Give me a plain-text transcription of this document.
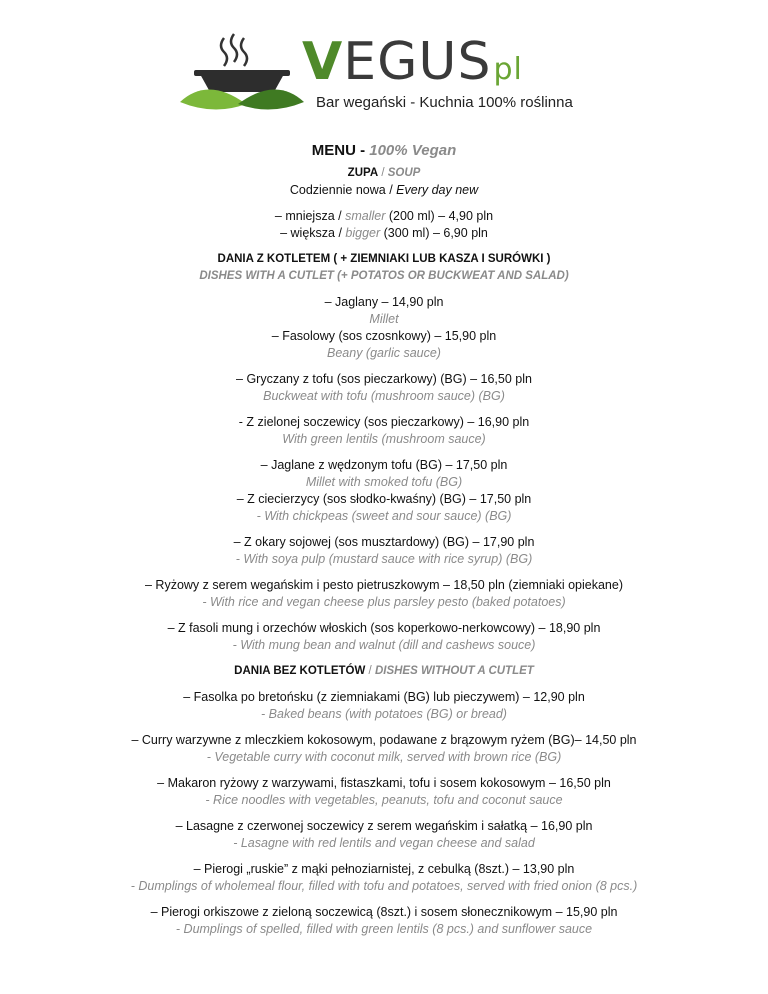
VEGUSpl
Bar wegański - Kuchnia 100% roślinna

MENU - 100% Vegan

ZUPA / SOUP

Codziennie nowa / Every day new

– mniejsza / smaller (200 ml) – 4,90 pln

– większa / bigger (300 ml) – 6,90 pln

DANIA Z KOTLETEM ( + ZIEMNIAKI LUB KASZA I SURÓWKI )

DISHES WITH A CUTLET (+ POTATOS OR BUCKWEAT AND SALAD)

– Jaglany – 14,90 pln

Millet

– Fasolowy (sos czosnkowy) – 15,90 pln

Beany (garlic sauce)

– Gryczany z tofu (sos pieczarkowy) (BG) – 16,50 pln

Buckweat with tofu (mushroom sauce) (BG)

- Z zielonej soczewicy (sos pieczarkowy) – 16,90 pln

With green lentils (mushroom sauce)

– Jaglane z wędzonym tofu (BG) – 17,50 pln

Millet with smoked tofu (BG)

– Z ciecierzycy (sos słodko-kwaśny) (BG) – 17,50 pln

- With chickpeas (sweet and sour sauce) (BG)

– Z okary sojowej (sos musztardowy) (BG) – 17,90 pln

- With soya pulp (mustard sauce with rice syrup) (BG)

– Ryżowy z serem wegańskim i pesto pietruszkowym – 18,50 pln (ziemniaki opiekane)

- With rice and vegan cheese plus parsley pesto (baked potatoes)

– Z fasoli mung i orzechów włoskich (sos koperkowo-nerkowcowy) – 18,90 pln

- With mung bean and walnut (dill and cashews souce)

DANIA BEZ KOTLETÓW / DISHES WITHOUT A CUTLET

– Fasolka po bretońsku (z ziemniakami (BG) lub pieczywem) – 12,90 pln

- Baked beans (with potatoes (BG) or bread)

– Curry warzywne z mleczkiem kokosowym, podawane z brązowym ryżem (BG)– 14,50 pln

- Vegetable curry with coconut milk, served with brown rice (BG)

– Makaron ryżowy z warzywami, fistaszkami, tofu i sosem kokosowym – 16,50 pln

- Rice noodles with vegetables, peanuts, tofu and coconut sauce

– Lasagne z czerwonej soczewicy z serem wegańskim i sałatką – 16,90 pln

- Lasagne with red lentils and vegan cheese and salad

– Pierogi „ruskie” z mąki pełnoziarnistej, z cebulką (8szt.) – 13,90 pln

- Dumplings of wholemeal flour, filled with tofu and potatoes, served with fried onion (8 pcs.)

– Pierogi orkiszowe z zieloną soczewicą (8szt.) i sosem słonecznikowym – 15,90 pln

- Dumplings of spelled, filled with green lentils (8 pcs.) and sunflower sauce
